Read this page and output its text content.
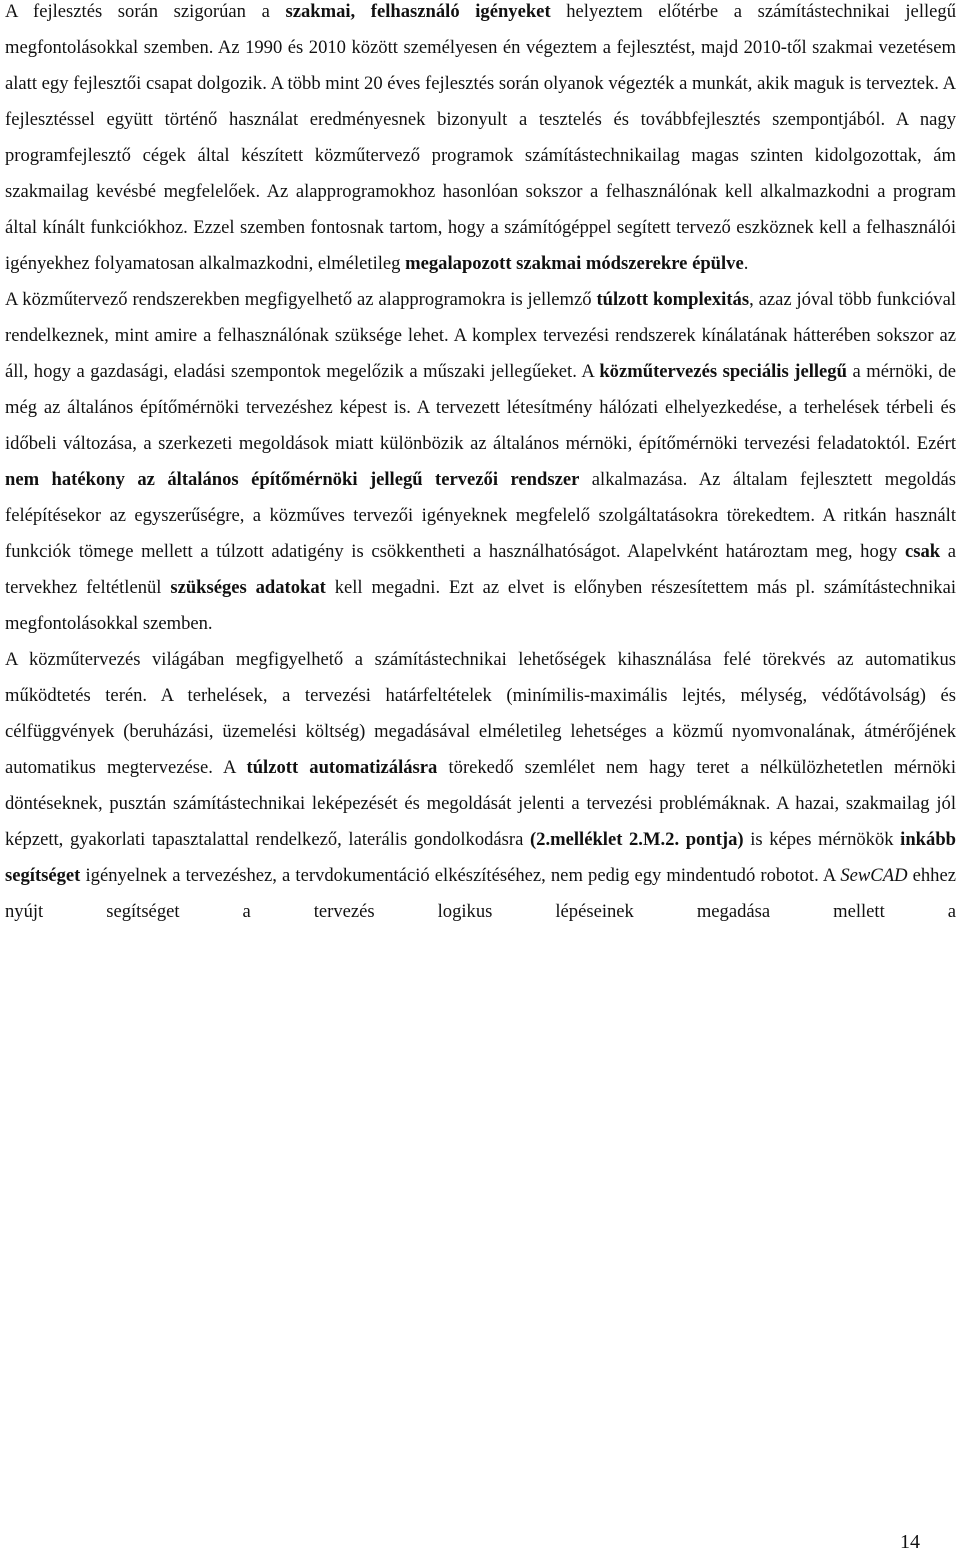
A fejlesztés során szigorúan a szakmai, felhasználó igényeket helyeztem előtérbe a számítástechnikai jellegű megfontolásokkal szemben. Az 1990 és 2010 között személyesen én végeztem a fejlesztést, majd 2010-től szakmai vezetésem alatt egy fejlesztői csapat dolgozik. A több mint 20 éves fejlesztés során olyanok végezték a munkát, akik maguk is terveztek. A fejlesztéssel együtt történő használat eredményesnek bizonyult a tesztelés és továbbfejlesztés szempontjából. A nagy programfejlesztő cégek által készített közműtervező programok számítástechnikailag magas szinten kidolgozottak, ám szakmailag kevésbé megfelelőek. Az alapprogramokhoz hasonlóan sokszor a felhasználónak kell alkalmazkodni a program által kínált funkciókhoz. Ezzel szemben fontosnak tartom, hogy a számítógéppel segített tervező eszköznek kell a felhasználói igényekhez folyamatosan alkalmazkodni, elméletileg megalapozott szakmai módszerekre épülve.

A közműtervező rendszerekben megfigyelhető az alapprogramokra is jellemző túlzott komplexitás, azaz jóval több funkcióval rendelkeznek, mint amire a felhasználónak szüksége lehet. A komplex tervezési rendszerek kínálatának hátterében sokszor az áll, hogy a gazdasági, eladási szempontok megelőzik a műszaki jellegűeket. A közműtervezés speciális jellegű a mérnöki, de még az általános építőmérnöki tervezéshez képest is. A tervezett létesítmény hálózati elhelyezkedése, a terhelések térbeli és időbeli változása, a szerkezeti megoldások miatt különbözik az általános mérnöki, építőmérnöki tervezési feladatoktól. Ezért nem hatékony az általános építőmérnöki jellegű tervezői rendszer alkalmazása. Az általam fejlesztett megoldás felépítésekor az egyszerűségre, a közműves tervezői igényeknek megfelelő szolgáltatásokra törekedtem. A ritkán használt funkciók tömege mellett a túlzott adatigény is csökkentheti a használhatóságot. Alapelvként határoztam meg, hogy csak a tervekhez feltétlenül szükséges adatokat kell megadni. Ezt az elvet is előnyben részesítettem más pl. számítástechnikai megfontolásokkal szemben.

A közműtervezés világában megfigyelhető a számítástechnikai lehetőségek kihasználása felé törekvés az automatikus működtetés terén. A terhelések, a tervezési határfeltételek (minímilis-maximális lejtés, mélység, védőtávolság) és célfüggvények (beruházási, üzemelési költség) megadásával elméletileg lehetséges a közmű nyomvonalának, átmérőjének automatikus megtervezése. A túlzott automatizálásra törekedő szemlélet nem hagy teret a nélkülözhetetlen mérnöki döntéseknek, pusztán számítástechnikai leképezését és megoldását jelenti a tervezési problémáknak. A hazai, szakmailag jól képzett, gyakorlati tapasztalattal rendelkező, laterális gondolkodásra (2.melléklet 2.M.2. pontja) is képes mérnökök inkább segítséget igényelnek a tervezéshez, a tervdokumentáció elkészítéséhez, nem pedig egy mindentudó robotot. A SewCAD ehhez nyújt segítséget a tervezés logikus lépéseinek megadása mellett a

14
